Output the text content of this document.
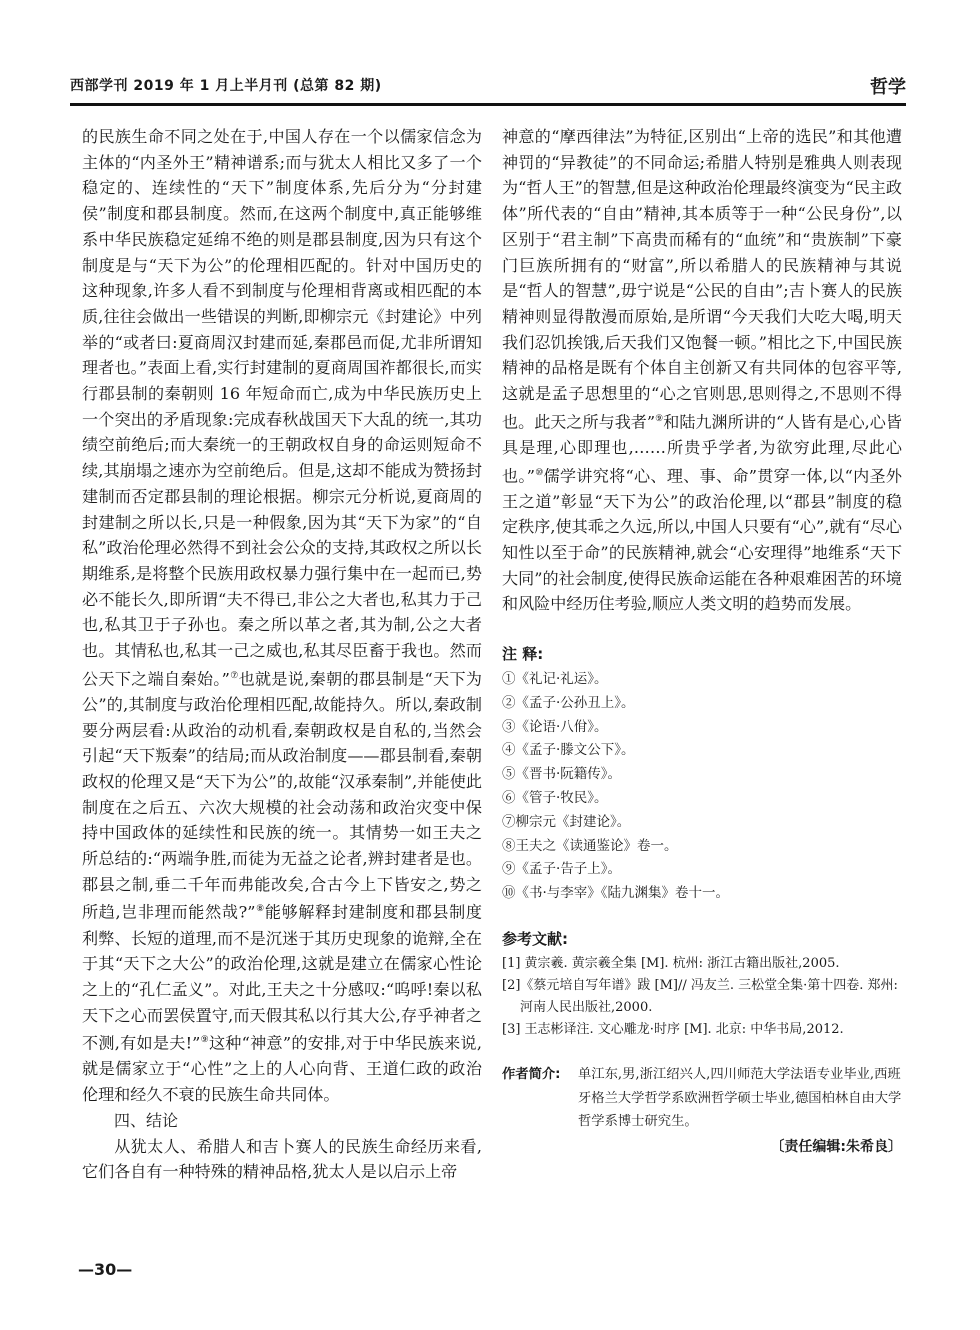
西部学刊 2019 年 1 月上半月刊 (总第 82 期)	哲学

的民族生命不同之处在于,中国人存在一个以儒家信念为主体的“内圣外王”精神谱系;而与犹太人相比又多了一个稳定的、连续性的“天下”制度体系,先后分为“分封建侯”制度和郡县制度。然而,在这两个制度中,真正能够维系中华民族稳定延绵不绝的则是郡县制度,因为只有这个制度是与“天下为公”的伦理相匹配的。针对中国历史的这种现象,许多人看不到制度与伦理相背离或相匹配的本质,往往会做出一些错误的判断,即柳宗元《封建论》中列举的“或者曰:夏商周汉封建而延,秦郡邑而促,尤非所谓知理者也。”表面上看,实行封建制的夏商周国祚都很长,而实行郡县制的秦朝则 16 年短命而亡,成为中华民族历史上一个突出的矛盾现象:完成春秋战国天下大乱的统一,其功绩空前绝后;而大秦统一的王朝政权自身的命运则短命不续,其崩塌之速亦为空前绝后。但是,这却不能成为赞扬封建制而否定郡县制的理论根据。柳宗元分析说,夏商周的封建制之所以长,只是一种假象,因为其“天下为家”的“自私”政治伦理必然得不到社会公众的支持,其政权之所以长期维系,是将整个民族用政权暴力强行集中在一起而已,势必不能长久,即所谓“夫不得已,非公之大者也,私其力于己也,私其卫于子孙也。秦之所以革之者,其为制,公之大者也。其情私也,私其一己之威也,私其尽臣畜于我也。然而公天下之端自秦始。”⑦也就是说,秦朝的郡县制是“天下为公”的,其制度与政治伦理相匹配,故能持久。所以,秦政制要分两层看:从政治的动机看,秦朝政权是自私的,当然会引起“天下叛秦”的结局;而从政治制度——郡县制看,秦朝政权的伦理又是“天下为公”的,故能“汉承秦制”,并能使此制度在之后五、六次大规模的社会动荡和政治灾变中保持中国政体的延续性和民族的统一。其情势一如王夫之所总结的:“两端争胜,而徒为无益之论者,辨封建者是也。郡县之制,垂二千年而弗能改矣,合古今上下皆安之,势之所趋,岂非理而能然哉?”⑧能够解释封建制度和郡县制度利弊、长短的道理,而不是沉迷于其历史现象的诡辩,全在于其“天下之大公”的政治伦理,这就是建立在儒家心性论之上的“孔仁孟义”。对此,王夫之十分感叹:“呜呼!秦以私天下之心而罢侯置守,而天假其私以行其大公,存乎神者之不测,有如是夫!”⑨这种“神意”的安排,对于中华民族来说,就是儒家立于“心性”之上的人心向背、王道仁政的政治伦理和经久不衰的民族生命共同体。

四、结论

从犹太人、希腊人和吉卜赛人的民族生命经历来看,它们各自有一种特殊的精神品格,犹太人是以启示上帝

神意的“摩西律法”为特征,区别出“上帝的选民”和其他遭神罚的“异教徒”的不同命运;希腊人特别是雅典人则表现为“哲人王”的智慧,但是这种政治伦理最终演变为“民主政体”所代表的“自由”精神,其本质等于一种“公民身份”,以区别于“君主制”下高贵而稀有的“血统”和“贵族制”下豪门巨族所拥有的“财富”,所以希腊人的民族精神与其说是“哲人的智慧”,毋宁说是“公民的自由”;吉卜赛人的民族精神则显得散漫而原始,是所谓“今天我们大吃大喝,明天我们忍饥挨饿,后天我们又饱餐一顿。”相比之下,中国民族精神的品格是既有个体自主创新又有共同体的包容平等,这就是孟子思想里的“心之官则思,思则得之,不思则不得也。此天之所与我者”⑨和陆九渊所讲的“人皆有是心,心皆具是理,心即理也,……所贵乎学者,为欲穷此理,尽此心也。”⑩儒学讲究将“心、理、事、命”贯穿一体,以“内圣外王之道”彰显“天下为公”的政治伦理,以“郡县”制度的稳定秩序,使其乖之久远,所以,中国人只要有“心”,就有“尽心知性以至于命”的民族精神,就会“心安理得”地维系“天下大同”的社会制度,使得民族命运能在各种艰难困苦的环境和风险中经历住考验,顺应人类文明的趋势而发展。

注 释:

①《礼记·礼运》。

②《孟子·公孙丑上》。

③《论语·八佾》。

④《孟子·滕文公下》。

⑤《晋书·阮籍传》。

⑥《管子·牧民》。

⑦柳宗元《封建论》。

⑧王夫之《读通鉴论》卷一。

⑨《孟子·告子上》。

⑩《书·与李宰》《陆九渊集》卷十一。

参考文献:

[1] 黄宗羲. 黄宗羲全集 [M]. 杭州: 浙江古籍出版社,2005.

[2]《蔡元培自写年谱》跋 [M]// 冯友兰. 三松堂全集·第十四卷. 郑州: 河南人民出版社,2000.

[3] 王志彬译注. 文心雕龙·时序 [M]. 北京: 中华书局,2012.

作者简介:	单江东,男,浙江绍兴人,四川师范大学法语专业毕业,西班牙格兰大学哲学系欧洲哲学硕士毕业,德国柏林自由大学哲学系博士研究生。
〔责任编辑:朱希良〕
—30—
